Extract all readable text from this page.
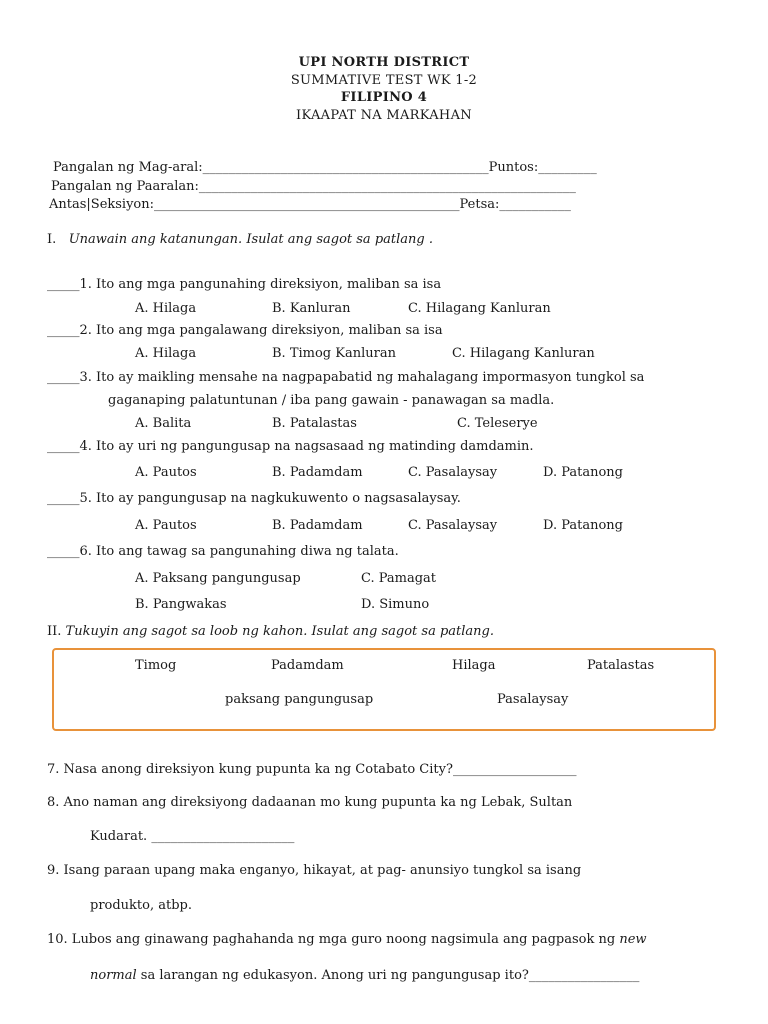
UPI NORTH DISTRICT
SUMMATIVE TEST WK 1-2
FILIPINO 4
IKAAPAT NA MARKAHAN
Pangalan ng Mag-aral:____________________________________________Puntos:_________
Pangalan ng Paaralan:__________________________________________________________
Antas|Seksiyon:_______________________________________________Petsa:___________
I. Unawain ang katanungan. Isulat ang sagot sa patlang .
_____1. Ito ang mga pangunahing direksiyon, maliban sa isa
A. Hilaga	B. Kanluran	C. Hilagang Kanluran
_____2. Ito ang mga pangalawang direksiyon, maliban sa isa
A. Hilaga	B. Timog Kanluran	C. Hilagang Kanluran
_____3. Ito ay maikling mensahe na nagpapabatid ng mahalagang impormasyon tungkol sa
gaganaping palatuntunan / iba pang gawain - panawagan sa madla.
A. Balita	B. Patalastas	C. Teleserye
_____4. Ito ay uri ng pangungusap na nagsasaad ng matinding damdamin.
A. Pautos	B. Padamdam	C. Pasalaysay	D. Patanong
_____5. Ito ay pangungusap na nagkukuwento o nagsasalaysay.
A. Pautos	B. Padamdam	C. Pasalaysay	D. Patanong
_____6. Ito ang tawag sa pangunahing diwa ng talata.
A. Paksang pangungusap	C. Pamagat
B. Pangwakas	D. Simuno
II. Tukuyin ang sagot sa loob ng kahon. Isulat ang sagot sa patlang.
Timog	Padamdam	Hilaga	Patalastas
paksang pangungusap	Pasalaysay
7. Nasa anong direksiyon kung pupunta ka ng Cotabato City?___________________
8. Ano naman ang direksiyong dadaanan mo kung pupunta ka ng Lebak, Sultan
Kudarat. ______________________
9. Isang paraan upang maka enganyo, hikayat, at pag- anunsiyo tungkol sa isang
produkto, atbp.
10. Lubos ang ginawang paghahanda ng mga guro noong nagsimula ang pagpasok ng new
normal sa larangan ng edukasyon. Anong uri ng pangungusap ito?_________________
